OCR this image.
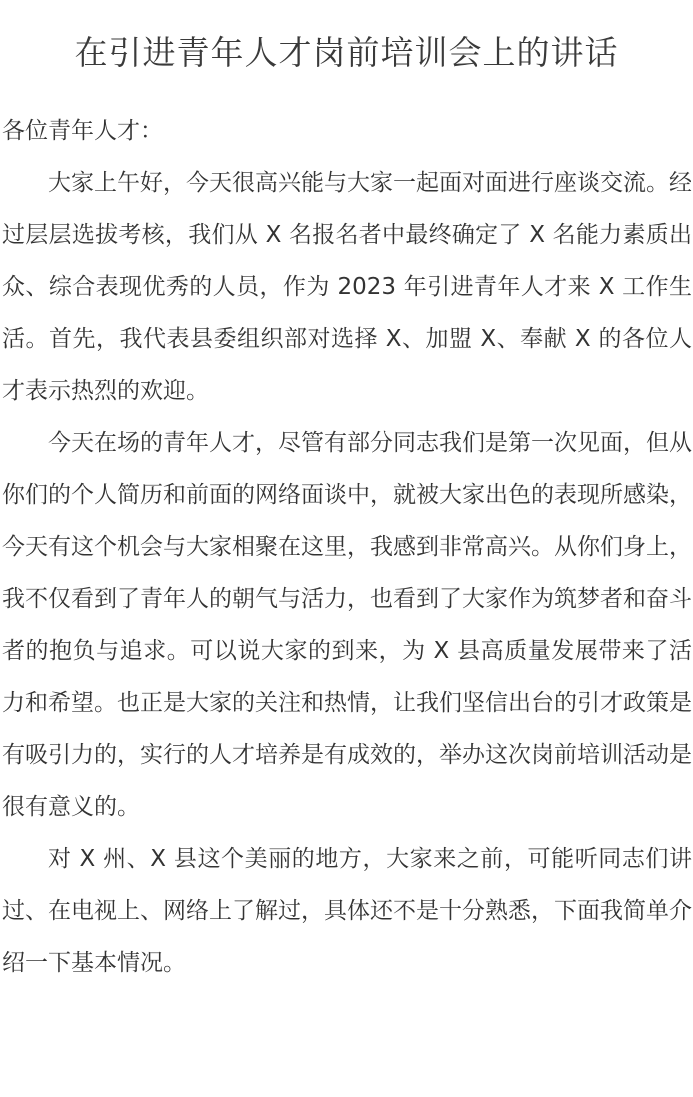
在引进青年人才岗前培训会上的讲话

各位青年人才：

大家上午好，今天很高兴能与大家一起面对面进行座谈交流。经过层层选拔考核，我们从 X 名报名者中最终确定了 X 名能力素质出众、综合表现优秀的人员，作为 2023 年引进青年人才来 X 工作生活。首先，我代表县委组织部对选择 X、加盟 X、奉献 X 的各位人才表示热烈的欢迎。

今天在场的青年人才，尽管有部分同志我们是第一次见面，但从你们的个人简历和前面的网络面谈中，就被大家出色的表现所感染，今天有这个机会与大家相聚在这里，我感到非常高兴。从你们身上，我不仅看到了青年人的朝气与活力，也看到了大家作为筑梦者和奋斗者的抱负与追求。可以说大家的到来，为 X 县高质量发展带来了活力和希望。也正是大家的关注和热情，让我们坚信出台的引才政策是有吸引力的，实行的人才培养是有成效的，举办这次岗前培训活动是很有意义的。

对 X 州、X 县这个美丽的地方，大家来之前，可能听同志们讲过、在电视上、网络上了解过，具体还不是十分熟悉，下面我简单介绍一下基本情况。
